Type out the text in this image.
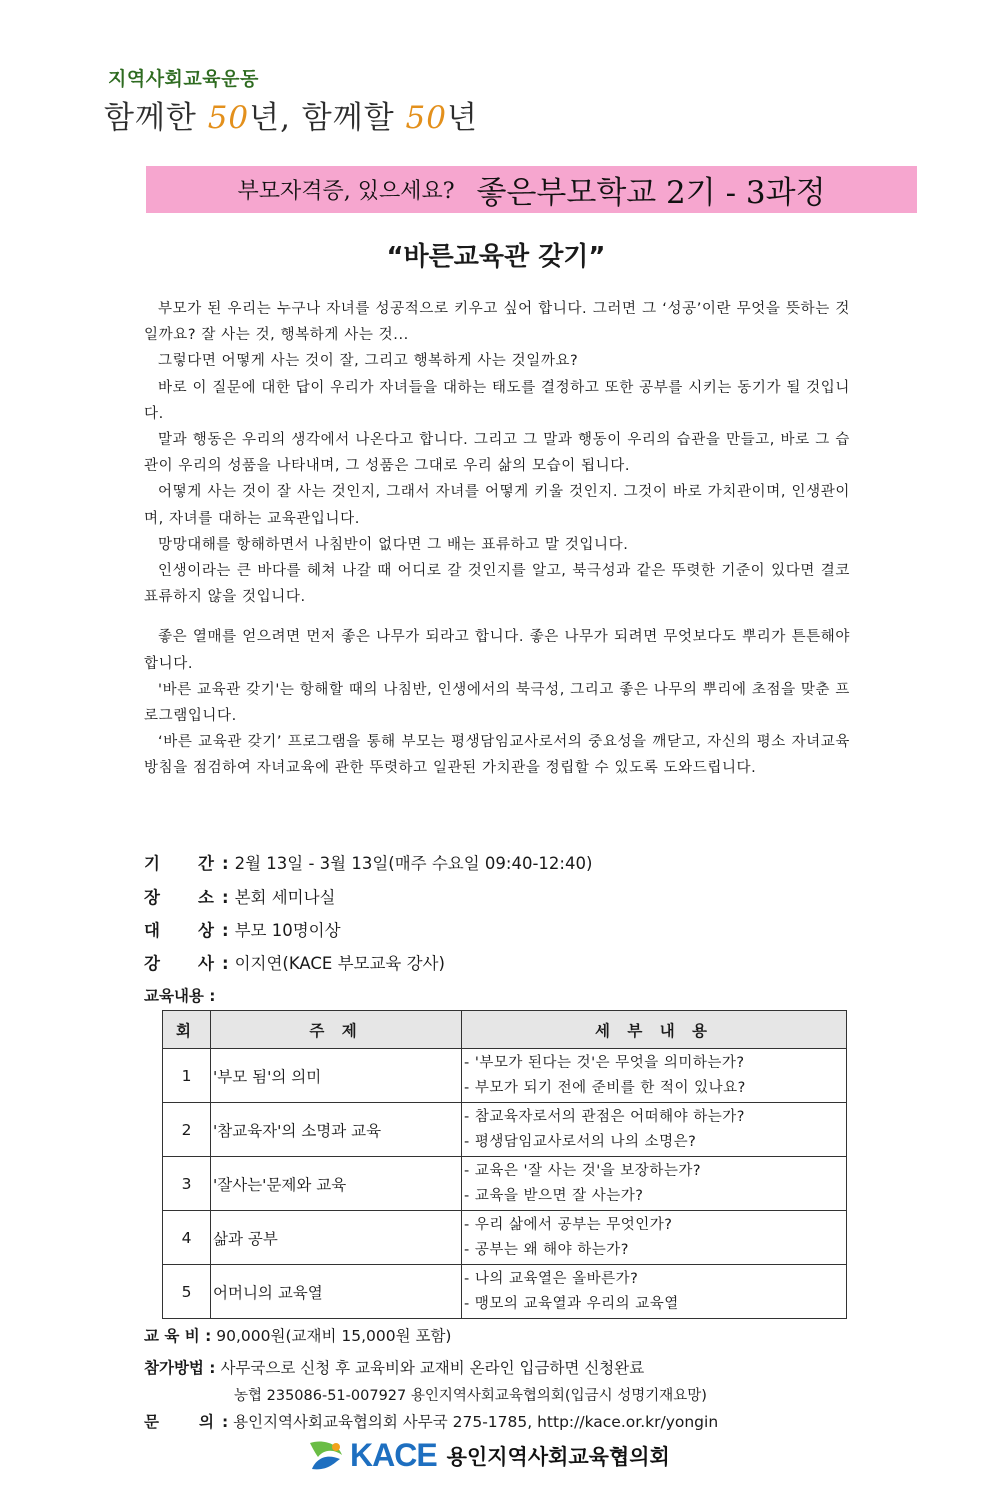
지역사회교육운동
함께한 50년, 함께할 50년
부모자격증, 있으세요? 좋은부모학교 2기 - 3과정
“바른교육관 갖기”

부모가 된 우리는 누구나 자녀를 성공적으로 키우고 싶어 합니다. 그러면 그 ‘성공’이란 무엇을 뜻하는 것일까요? 잘 사는 것, 행복하게 사는 것...

그렇다면 어떻게 사는 것이 잘, 그리고 행복하게 사는 것일까요?

바로 이 질문에 대한 답이 우리가 자녀들을 대하는 태도를 결정하고 또한 공부를 시키는 동기가 될 것입니다.

말과 행동은 우리의 생각에서 나온다고 합니다. 그리고 그 말과 행동이 우리의 습관을 만들고, 바로 그 습관이 우리의 성품을 나타내며, 그 성품은 그대로 우리 삶의 모습이 됩니다.

어떻게 사는 것이 잘 사는 것인지, 그래서 자녀를 어떻게 키울 것인지. 그것이 바로 가치관이며, 인생관이며, 자녀를 대하는 교육관입니다.

망망대해를 항해하면서 나침반이 없다면 그 배는 표류하고 말 것입니다.

인생이라는 큰 바다를 헤쳐 나갈 때 어디로 갈 것인지를 알고, 북극성과 같은 뚜렷한 기준이 있다면 결코 표류하지 않을 것입니다.

좋은 열매를 얻으려면 먼저 좋은 나무가 되라고 합니다. 좋은 나무가 되려면 무엇보다도 뿌리가 튼튼해야 합니다.

'바른 교육관 갖기'는 항해할 때의 나침반, 인생에서의 북극성, 그리고 좋은 나무의 뿌리에 초점을 맞춘 프로그램입니다.

‘바른 교육관 갖기’ 프로그램을 통해 부모는 평생담임교사로서의 중요성을 깨닫고, 자신의 평소 자녀교육 방침을 점검하여 자녀교육에 관한 뚜렷하고 일관된 가치관을 정립할 수 있도록 도와드립니다.

기 간 : 2월 13일 - 3월 13일(매주 수요일 09:40-12:40)
장 소 : 본회 세미나실
대 상 : 부모 10명이상
강 사 : 이지연(KACE 부모교육 강사)
교육내용 :
회	주 제	세 부 내 용
1	'부모 됨'의 의미	- '부모가 된다는 것'은 무엇을 의미하는가?
- 부모가 되기 전에 준비를 한 적이 있나요?

2	'참교육자'의 소명과 교육	- 참교육자로서의 관점은 어떠해야 하는가?
- 평생담임교사로서의 나의 소명은?

3	'잘사는'문제와 교육	- 교육은 '잘 사는 것'을 보장하는가?
- 교육을 받으면 잘 사는가?

4	삶과 공부	- 우리 삶에서 공부는 무엇인가?
- 공부는 왜 해야 하는가?

5	어머니의 교육열	- 나의 교육열은 올바른가?
- 맹모의 교육열과 우리의 교육열
교 육 비 : 90,000원(교재비 15,000원 포함)
참가방법 : 사무국으로 신청 후 교육비와 교재비 온라인 입금하면 신청완료
농협 235086-51-007927 용인지역사회교육협의회(입금시 성명기재요망)
문	의 : 용인지역사회교육협의회 사무국 275-1785, http://kace.or.kr/yongin
KACE 용인지역사회교육협의회
